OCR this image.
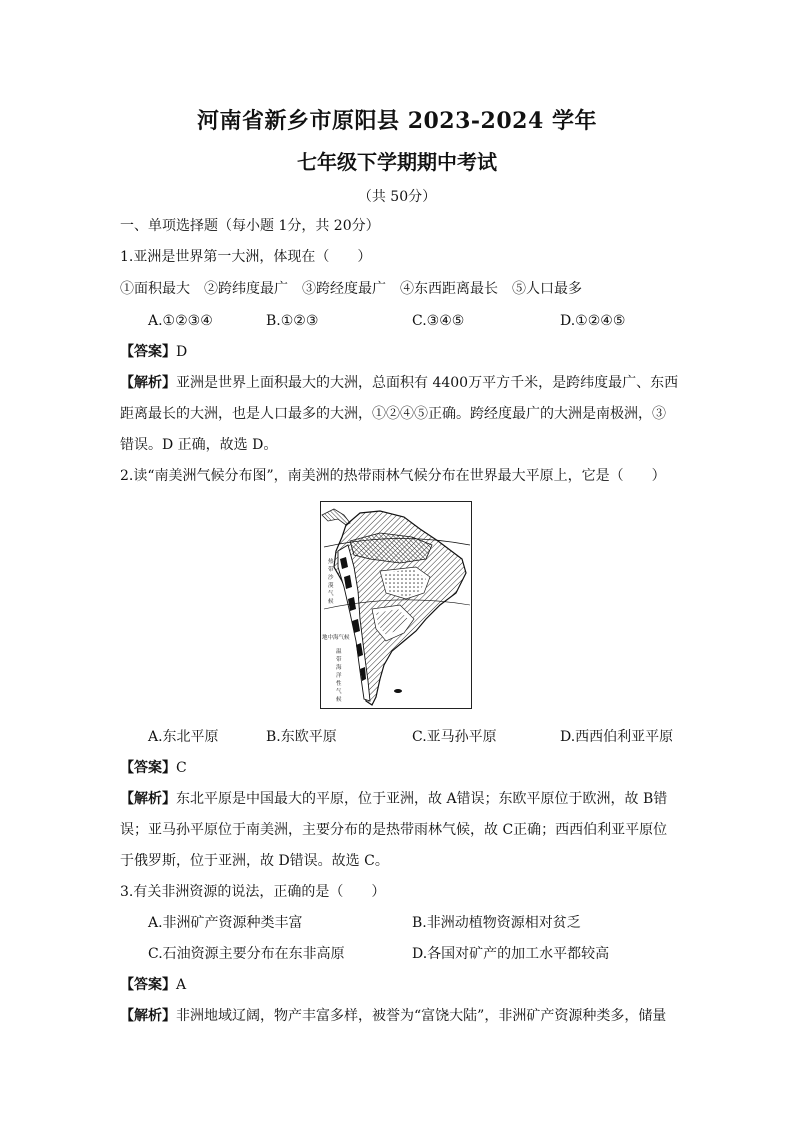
河南省新乡市原阳县 2023-2024 学年
七年级下学期期中考试
（共 50分）
一、单项选择题（每小题 1分，共 20分）
1.亚洲是世界第一大洲，体现在（　　）
①面积最大　②跨纬度最广　③跨经度最广　④东西距离最长　⑤人口最多
A.①②③④	B.①②③	C.③④⑤	D.①②④⑤
【答案】D
【解析】亚洲是世界上面积最大的大洲，总面积有 4400万平方千米，是跨纬度最广、东西
距离最长的大洲，也是人口最多的大洲，①②④⑤正确。跨经度最广的大洲是南极洲，③
错误。D 正确，故选 D。
2.读“南美洲气候分布图”，南美洲的热带雨林气候分布在世界最大平原上，它是（　　）
热
带
沙
漠
气
候
地中海气候
温
带
海
洋
性
气
候
A.东北平原	B.东欧平原	C.亚马孙平原	D.西西伯利亚平原
【答案】C
【解析】东北平原是中国最大的平原，位于亚洲，故 A错误；东欧平原位于欧洲，故 B错
误；亚马孙平原位于南美洲，主要分布的是热带雨林气候，故 C正确；西西伯利亚平原位
于俄罗斯，位于亚洲，故 D错误。故选 C。
3.有关非洲资源的说法，正确的是（　　）
A.非洲矿产资源种类丰富	B.非洲动植物资源相对贫乏
C.石油资源主要分布在东非高原	D.各国对矿产的加工水平都较高
【答案】A
【解析】非洲地域辽阔，物产丰富多样，被誉为“富饶大陆”，非洲矿产资源种类多，储量
